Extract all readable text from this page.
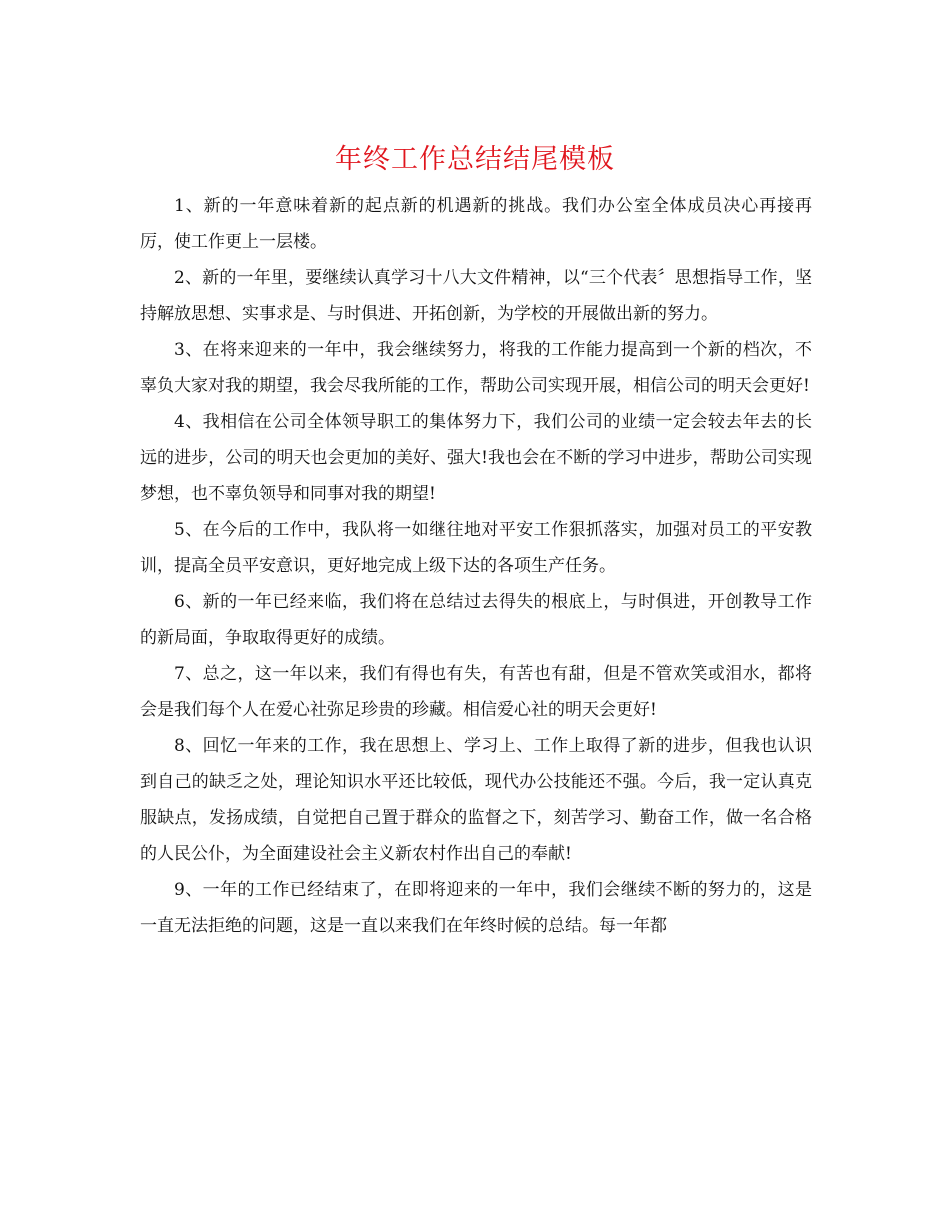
年终工作总结结尾模板

1、新的一年意味着新的起点新的机遇新的挑战。我们办公室全体成员决心再接再厉，使工作更上一层楼。

2、新的一年里，要继续认真学习十八大文件精神，以“三个代表〞思想指导工作，坚持解放思想、实事求是、与时俱进、开拓创新，为学校的开展做出新的努力。

3、在将来迎来的一年中，我会继续努力，将我的工作能力提高到一个新的档次，不辜负大家对我的期望，我会尽我所能的工作，帮助公司实现开展，相信公司的明天会更好!

4、我相信在公司全体领导职工的集体努力下，我们公司的业绩一定会较去年去的长远的进步，公司的明天也会更加的美好、强大!我也会在不断的学习中进步，帮助公司实现梦想，也不辜负领导和同事对我的期望!

5、在今后的工作中，我队将一如继往地对平安工作狠抓落实，加强对员工的平安教训，提高全员平安意识，更好地完成上级下达的各项生产任务。

6、新的一年已经来临，我们将在总结过去得失的根底上，与时俱进，开创教导工作的新局面，争取取得更好的成绩。

7、总之，这一年以来，我们有得也有失，有苦也有甜，但是不管欢笑或泪水，都将会是我们每个人在爱心社弥足珍贵的珍藏。相信爱心社的明天会更好!

8、回忆一年来的工作，我在思想上、学习上、工作上取得了新的进步，但我也认识到自己的缺乏之处，理论知识水平还比较低，现代办公技能还不强。今后，我一定认真克服缺点，发扬成绩，自觉把自己置于群众的监督之下，刻苦学习、勤奋工作，做一名合格的人民公仆，为全面建设社会主义新农村作出自己的奉献!

9、一年的工作已经结束了，在即将迎来的一年中，我们会继续不断的努力的，这是一直无法拒绝的问题，这是一直以来我们在年终时候的总结。每一年都
